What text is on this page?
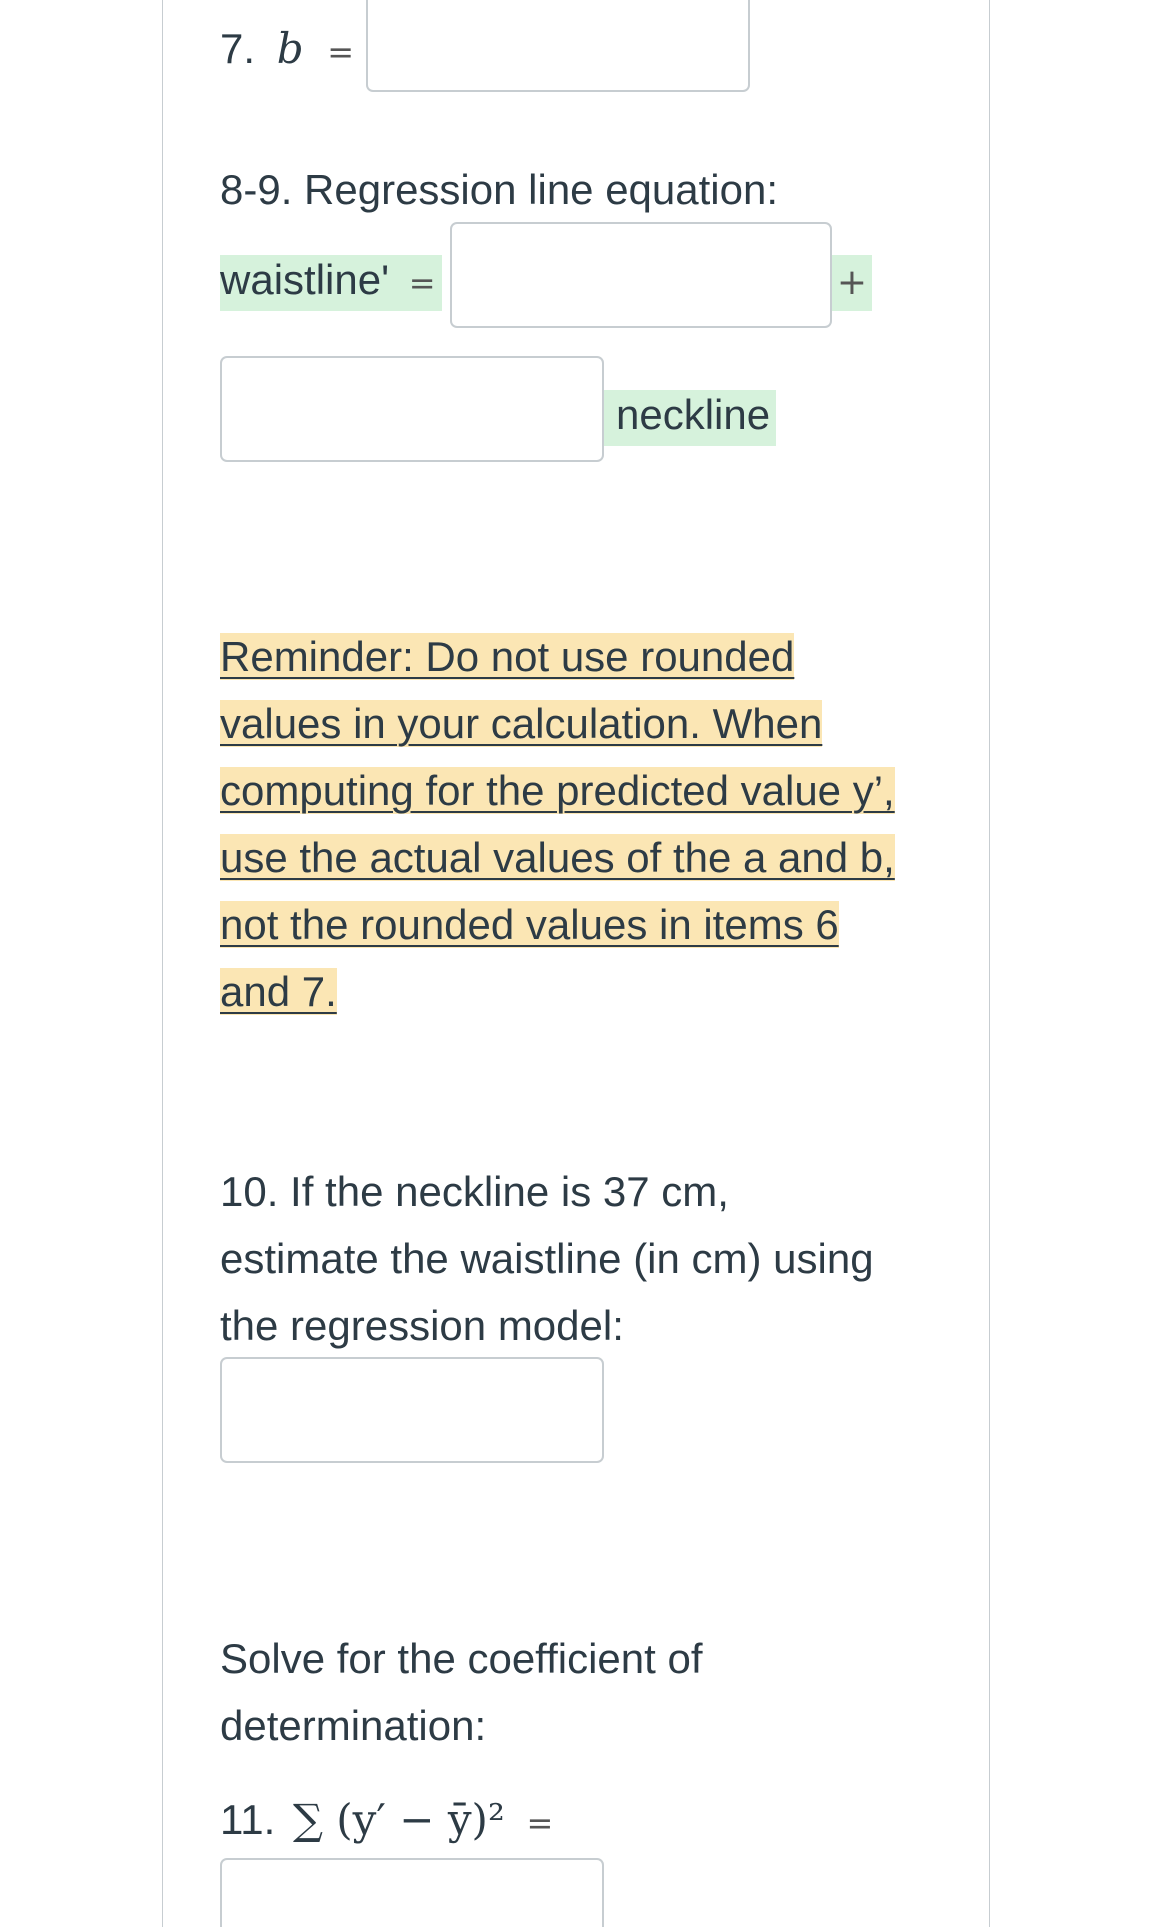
7. b =
8-9. Regression line equation:
waistline' =	+
neckline
Reminder: Do not use rounded
values in your calculation. When
computing for the predicted value y’,
use the actual values of the a and b,
not the rounded values in items 6
and 7.
10. If the neckline is 37 cm,
estimate the waistline (in cm) using
the regression model:
Solve for the coefficient of
determination:
11. ∑ (y′ − ȳ)² =
